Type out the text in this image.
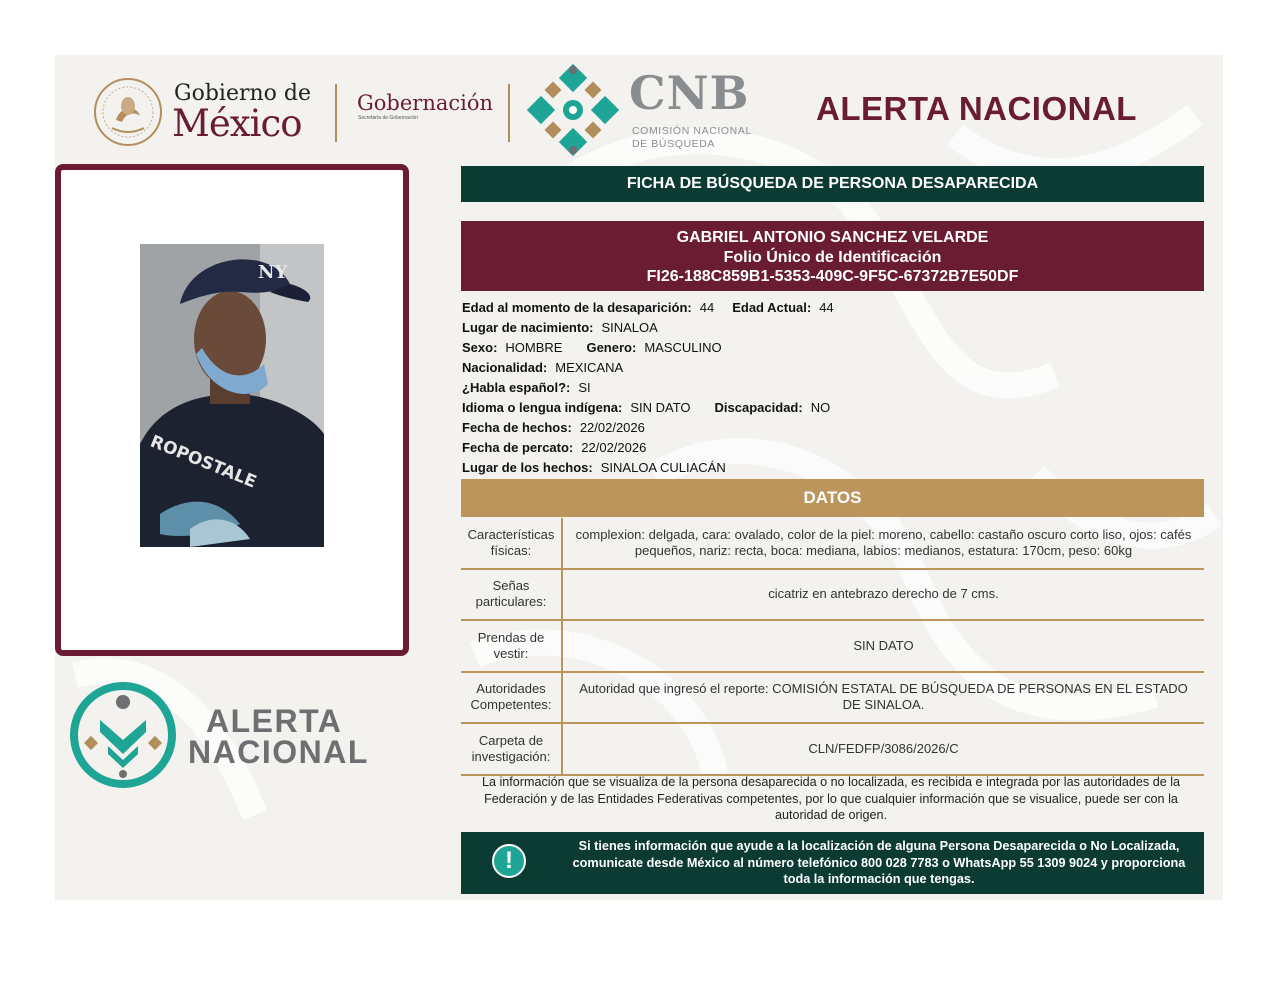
Gobierno de
México	Gobernación
Secretaría de Gobernación	CNB
COMISIÓN NACIONAL
DE BÚSQUEDA
ALERTA NACIONAL
NY
ROPOSTALE
ALERTA
NACIONAL
FICHA DE BÚSQUEDA DE PERSONA DESAPARECIDA
GABRIEL ANTONIO SANCHEZ VELARDE
Folio Único de Identificación
FI26-188C859B1-5353-409C-9F5C-67372B7E50DF
Edad al momento de la desaparición: 44 Edad Actual: 44
Lugar de nacimiento: SINALOA
Sexo: HOMBRE Genero: MASCULINO
Nacionalidad: MEXICANA
¿Habla español?: SI
Idioma o lengua indígena: SIN DATO Discapacidad: NO
Fecha de hechos: 22/02/2026
Fecha de percato: 22/02/2026
Lugar de los hechos: SINALOA CULIACÁN
DATOS
Características físicas:
complexion: delgada, cara: ovalado, color de la piel: moreno, cabello: castaño oscuro corto liso, ojos: cafés pequeños, nariz: recta, boca: mediana, labios: medianos, estatura: 170cm, peso: 60kg
Señas particulares:
cicatriz en antebrazo derecho de 7 cms.
Prendas de vestir:
SIN DATO
Autoridades Competentes:
Autoridad que ingresó el reporte: COMISIÓN ESTATAL DE BÚSQUEDA DE PERSONAS EN EL ESTADO DE SINALOA.
Carpeta de investigación:
CLN/FEDFP/3086/2026/C
La información que se visualiza de la persona desaparecida o no localizada, es recibida e integrada por las autoridades de la Federación y de las Entidades Federativas competentes, por lo que cualquier información que se visualice, puede ser con la autoridad de origen.
!
Si tienes información que ayude a la localización de alguna Persona Desaparecida o No Localizada, comunicate desde México al número telefónico 800 028 7783 o WhatsApp 55 1309 9024 y proporciona toda la información que tengas.
